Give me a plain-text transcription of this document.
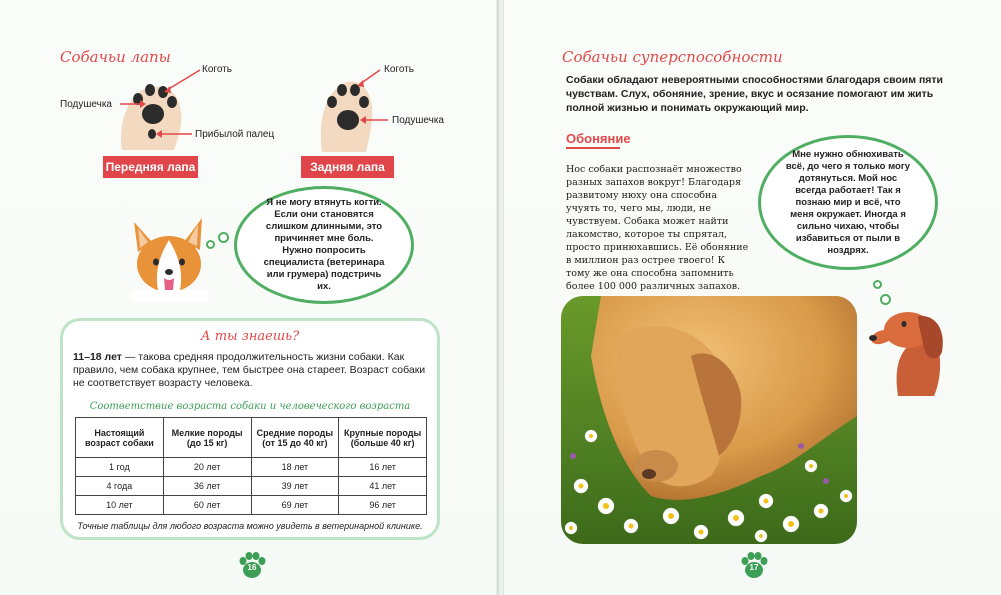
Собачьи лапы
Коготь
Подушечка
Прибылой палец
Передняя лапа
Коготь
Подушечка
Задняя лапа
Я не могу втянуть когти. Если они становятся слишком длинными, это причиняет мне боль. Нужно попросить специалиста (ветеринара или грумера) подстричь их.
А ты знаешь?
11–18 лет — такова средняя продолжительность жизни собаки. Как правило, чем собака крупнее, тем быстрее она стареет. Возраст собаки не соответствует возрасту человека.
Соответствие возраста собаки и человеческого возраста
Настоящий возраст собаки	Мелкие породы (до 15 кг)	Средние породы (от 15 до 40 кг)	Крупные породы (больше 40 кг)
1 год	20 лет	18 лет	16 лет
4 года	36 лет	39 лет	41 лет
10 лет	60 лет	69 лет	96 лет
Точные таблицы для любого возраста можно увидеть в ветеринарной клинике.
16
Собачьи суперспособности
Собаки обладают невероятными способностями благодаря своим пяти чувствам. Слух, обоняние, зрение, вкус и осязание помогают им жить полной жизнью и понимать окружающий мир.
Обоняние
Нос собаки распознаёт множество разных запахов вокруг! Благодаря развитому нюху она способна учуять то, чего мы, люди, не чувствуем. Собака может найти лакомство, которое ты спрятал, просто принюхавшись. Её обоняние в миллион раз острее твоего! К тому же она способна запомнить более 100 000 различных запахов.
Мне нужно обнюхивать всё, до чего я только могу дотянуться. Мой нос всегда работает! Так я познаю мир и всё, что меня окружает. Иногда я сильно чихаю, чтобы избавиться от пыли в ноздрях.
17
